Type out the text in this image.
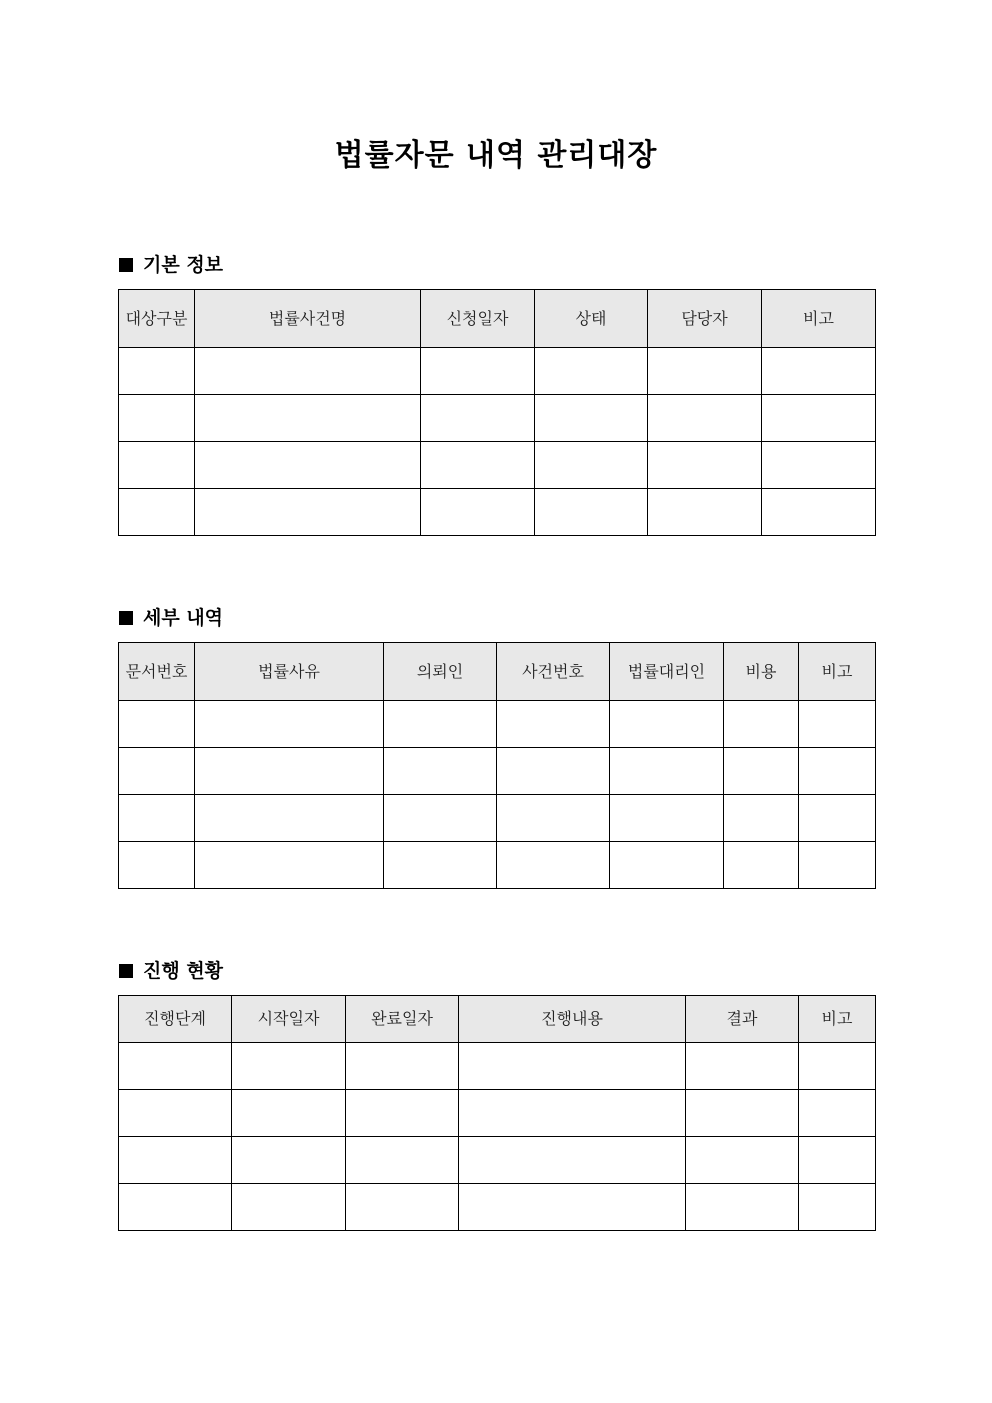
법률자문 내역 관리대장
기본 정보
대상구분	법률사건명	신청일자	상태	담당자	비고

세부 내역
문서번호	법률사유	의뢰인	사건번호	법률대리인	비용	비고

진행 현황
진행단계	시작일자	완료일자	진행내용	결과	비고
